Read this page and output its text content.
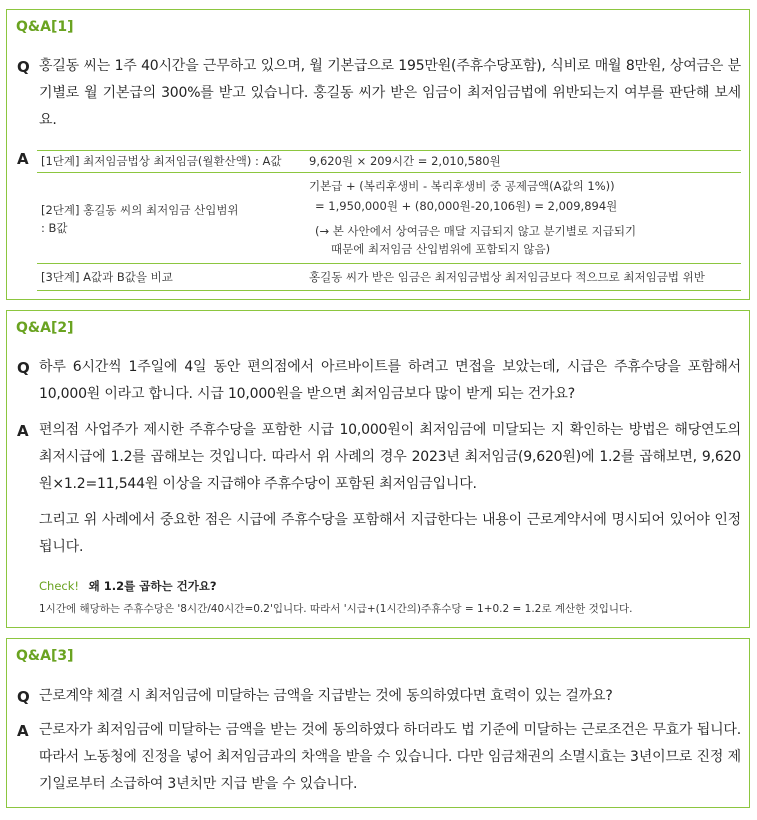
Q&A[1]
Q 홍길동 씨는 1주 40시간을 근무하고 있으며, 월 기본급으로 195만원(주휴수당포함), 식비로 매월 8만원, 상여금은 분기별로 월 기본급의 300%를 받고 있습니다. 홍길동 씨가 받은 임금이 최저임금법에 위반되는지 여부를 판단해 보세요.
A [1단계] 최저임금법상 최저임금(월환산액) : A값 9,620원 × 209시간 = 2,010,580원
[2단계] 홍길동 씨의 최저임금 산입범위
: B값
기본급 + (복리후생비 - 복리후생비 중 공제금액(A값의 1%))
= 1,950,000원 + (80,000원-20,106원) = 2,009,894원
(→ 본 사안에서 상여금은 매달 지급되지 않고 분기별로 지급되기
때문에 최저임금 산입범위에 포함되지 않음)
[3단계] A값과 B값을 비교	홍길동 씨가 받은 임금은 최저임금법상 최저임금보다 적으므로 최저임금법 위반
Q&A[2]
Q 하루 6시간씩 1주일에 4일 동안 편의점에서 아르바이트를 하려고 면접을 보았는데, 시급은 주휴수당을 포함해서 10,000원 이라고 합니다. 시급 10,000원을 받으면 최저임금보다 많이 받게 되는 건가요?
A 편의점 사업주가 제시한 주휴수당을 포함한 시급 10,000원이 최저임금에 미달되는 지 확인하는 방법은 해당연도의 최저시급에 1.2를 곱해보는 것입니다. 따라서 위 사례의 경우 2023년 최저임금(9,620원)에 1.2를 곱해보면, 9,620원×1.2=11,544원 이상을 지급해야 주휴수당이 포함된 최저임금입니다.
그리고 위 사례에서 중요한 점은 시급에 주휴수당을 포함해서 지급한다는 내용이 근로계약서에 명시되어 있어야 인정됩니다.
Check! 왜 1.2를 곱하는 건가요?
1시간에 해당하는 주휴수당은 '8시간/40시간=0.2'입니다. 따라서 '시급+(1시간의)주휴수당 = 1+0.2 = 1.2로 계산한 것입니다.
Q&A[3]
Q 근로계약 체결 시 최저임금에 미달하는 금액을 지급받는 것에 동의하였다면 효력이 있는 걸까요?
A 근로자가 최저임금에 미달하는 금액을 받는 것에 동의하였다 하더라도 법 기준에 미달하는 근로조건은 무효가 됩니다. 따라서 노동청에 진정을 넣어 최저임금과의 차액을 받을 수 있습니다. 다만 임금채권의 소멸시효는 3년이므로 진정 제기일로부터 소급하여 3년치만 지급 받을 수 있습니다.
